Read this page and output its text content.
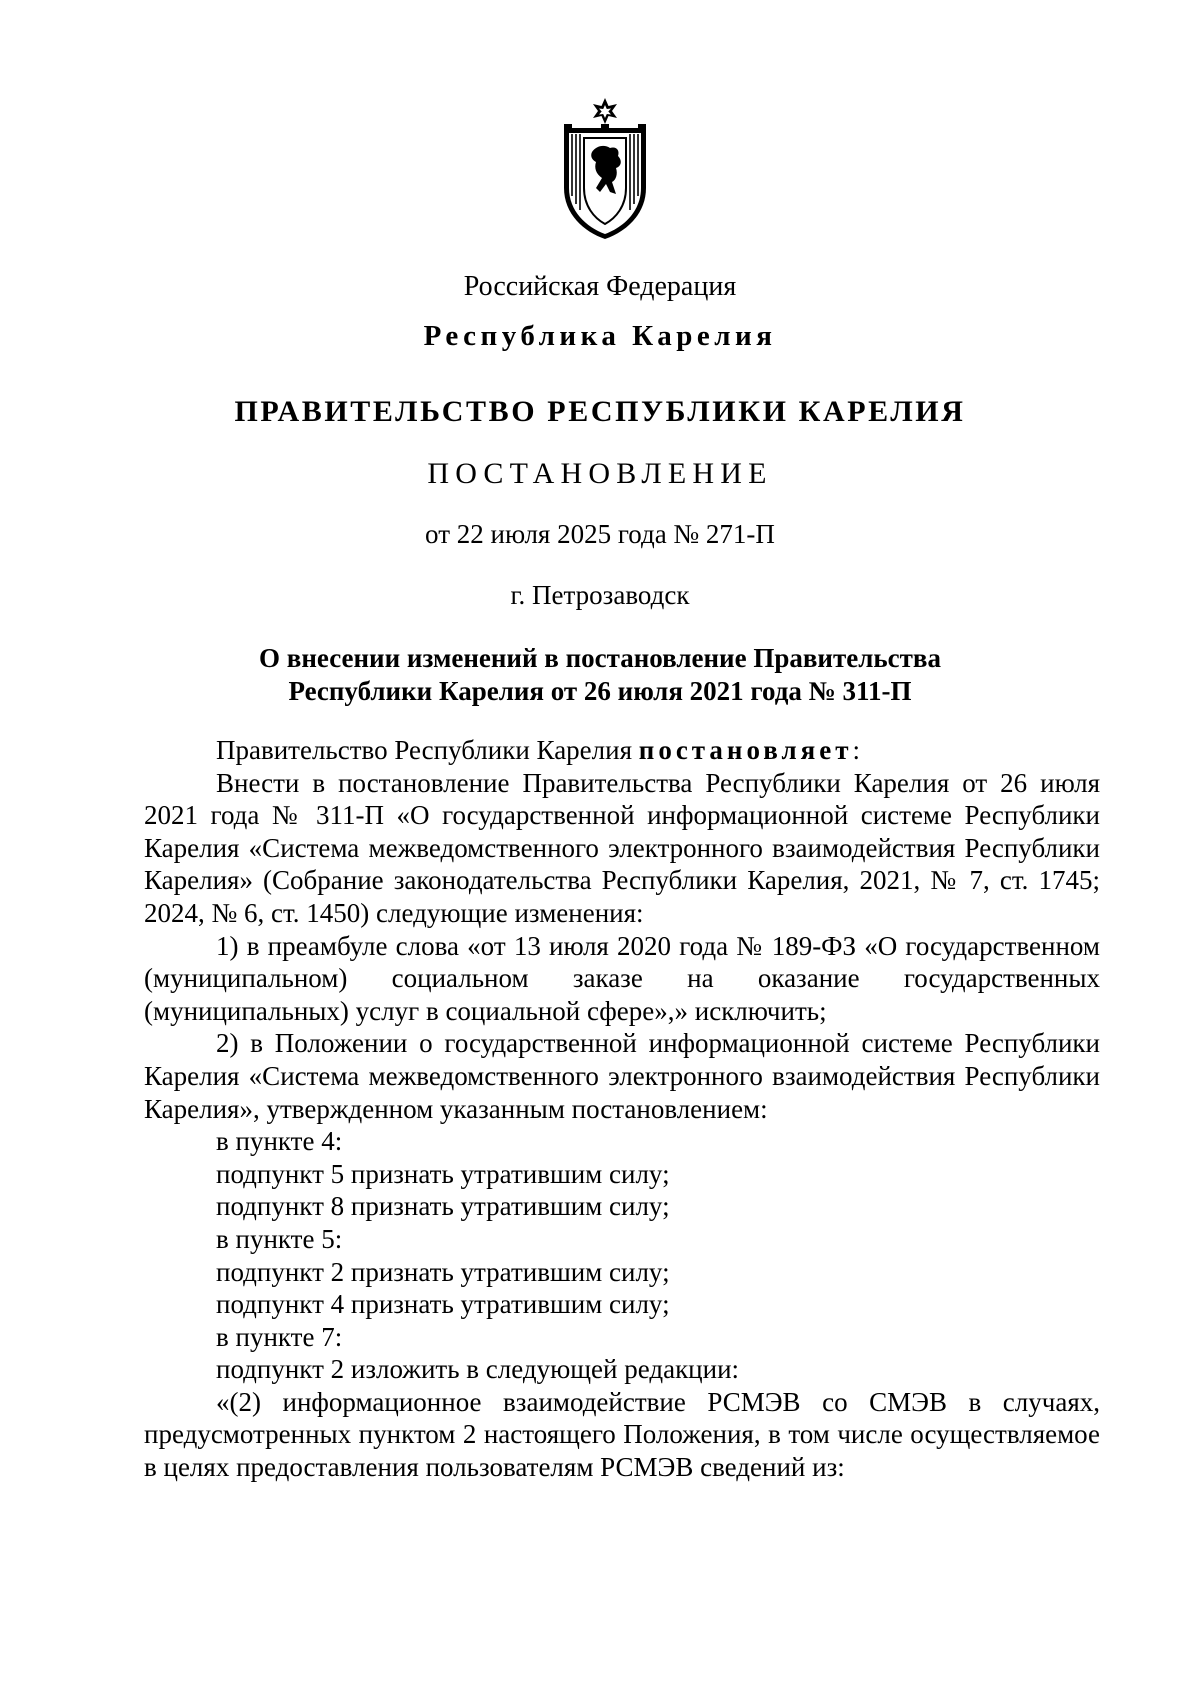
Российская Федерация
Республика Карелия
ПРАВИТЕЛЬСТВО РЕСПУБЛИКИ КАРЕЛИЯ
ПОСТАНОВЛЕНИЕ
от 22 июля 2025 года № 271-П
г. Петрозаводск
О внесении изменений в постановление Правительства
Республики Карелия от 26 июля 2021 года № 311-П

Правительство Республики Карелия постановляет:

Внести в постановление Правительства Республики Карелия от 26 июля 2021 года № 311-П «О государственной информационной системе Республики Карелия «Система межведомственного электронного взаимодействия Республики Карелия» (Собрание законодательства Республики Карелия, 2021, № 7, ст. 1745; 2024, № 6, ст. 1450) следующие изменения:

1) в преамбуле слова «от 13 июля 2020 года № 189-ФЗ «О государственном (муниципальном) социальном заказе на оказание государственных (муниципальных) услуг в социальной сфере»,» исключить;

2) в Положении о государственной информационной системе Республики Карелия «Система межведомственного электронного взаимодействия Республики Карелия», утвержденном указанным постановлением:

в пункте 4:

подпункт 5 признать утратившим силу;

подпункт 8 признать утратившим силу;

в пункте 5:

подпункт 2 признать утратившим силу;

подпункт 4 признать утратившим силу;

в пункте 7:

подпункт 2 изложить в следующей редакции:

«(2) информационное взаимодействие РСМЭВ со СМЭВ в случаях, предусмотренных пунктом 2 настоящего Положения, в том числе осуществляемое в целях предоставления пользователям РСМЭВ сведений из:
